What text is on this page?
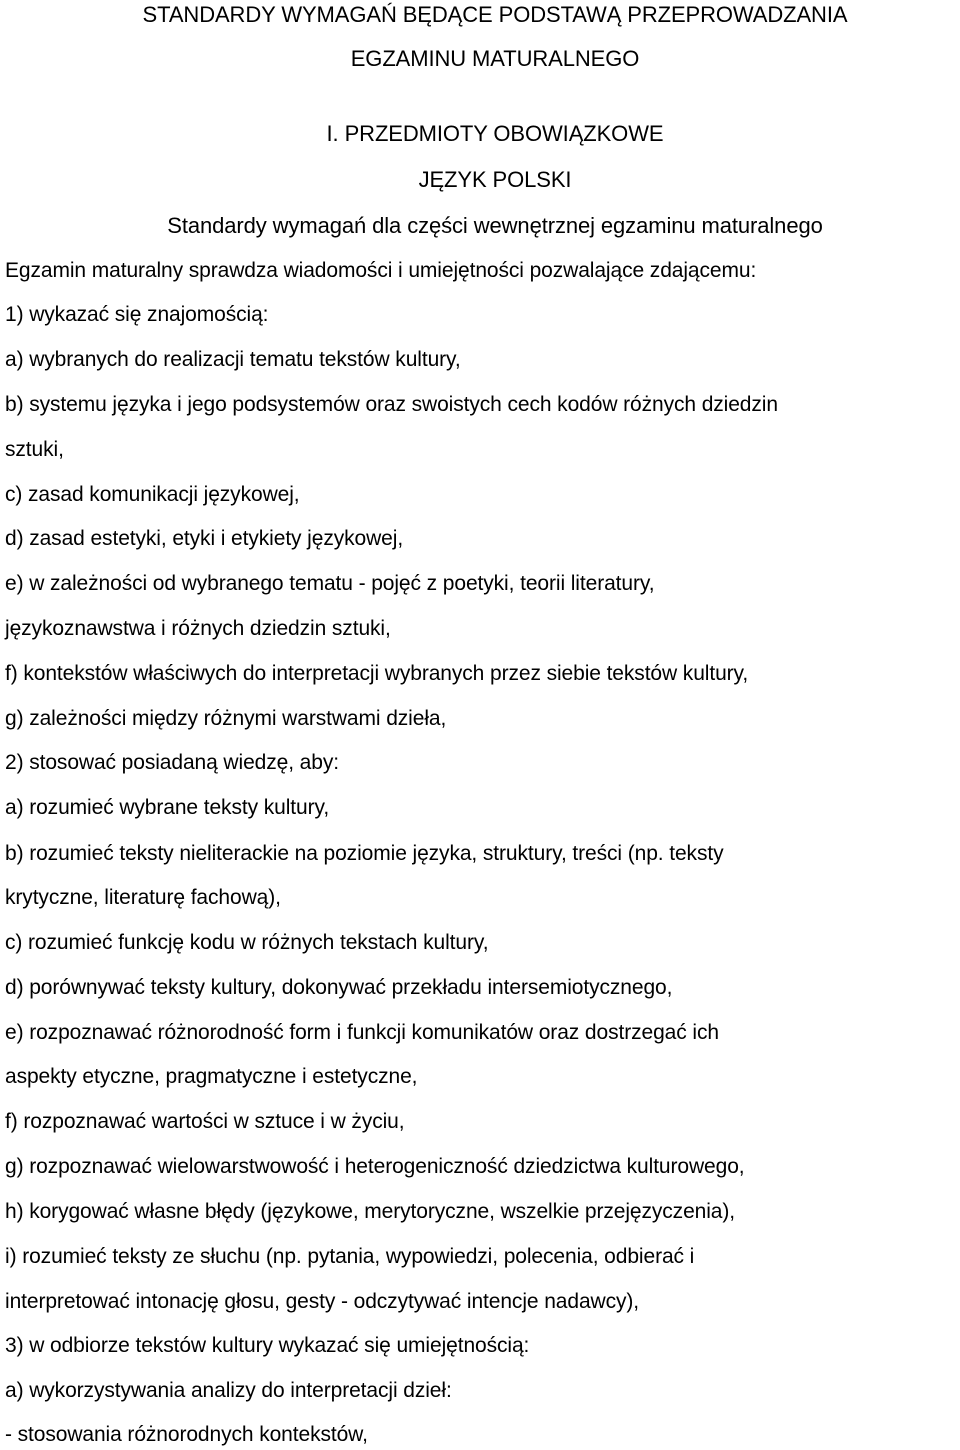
STANDARDY WYMAGAŃ BĘDĄCE PODSTAWĄ PRZEPROWADZANIA
EGZAMINU MATURALNEGO
I. PRZEDMIOTY OBOWIĄZKOWE
JĘZYK POLSKI
Standardy wymagań dla części wewnętrznej egzaminu maturalnego
Egzamin maturalny sprawdza wiadomości i umiejętności pozwalające zdającemu:
1) wykazać się znajomością:
a) wybranych do realizacji tematu tekstów kultury,
b) systemu języka i jego podsystemów oraz swoistych cech kodów różnych dziedzin
sztuki,
c) zasad komunikacji językowej,
d) zasad estetyki, etyki i etykiety językowej,
e) w zależności od wybranego tematu - pojęć z poetyki, teorii literatury,
językoznawstwa i różnych dziedzin sztuki,
f) kontekstów właściwych do interpretacji wybranych przez siebie tekstów kultury,
g) zależności między różnymi warstwami dzieła,
2) stosować posiadaną wiedzę, aby:
a) rozumieć wybrane teksty kultury,
b) rozumieć teksty nieliterackie na poziomie języka, struktury, treści (np. teksty
krytyczne, literaturę fachową),
c) rozumieć funkcję kodu w różnych tekstach kultury,
d) porównywać teksty kultury, dokonywać przekładu intersemiotycznego,
e) rozpoznawać różnorodność form i funkcji komunikatów oraz dostrzegać ich
aspekty etyczne, pragmatyczne i estetyczne,
f) rozpoznawać wartości w sztuce i w życiu,
g) rozpoznawać wielowarstwowość i heterogeniczność dziedzictwa kulturowego,
h) korygować własne błędy (językowe, merytoryczne, wszelkie przejęzyczenia),
i) rozumieć teksty ze słuchu (np. pytania, wypowiedzi, polecenia, odbierać i
interpretować intonację głosu, gesty - odczytywać intencje nadawcy),
3) w odbiorze tekstów kultury wykazać się umiejętnością:
a) wykorzystywania analizy do interpretacji dzieł:
- stosowania różnorodnych kontekstów,
